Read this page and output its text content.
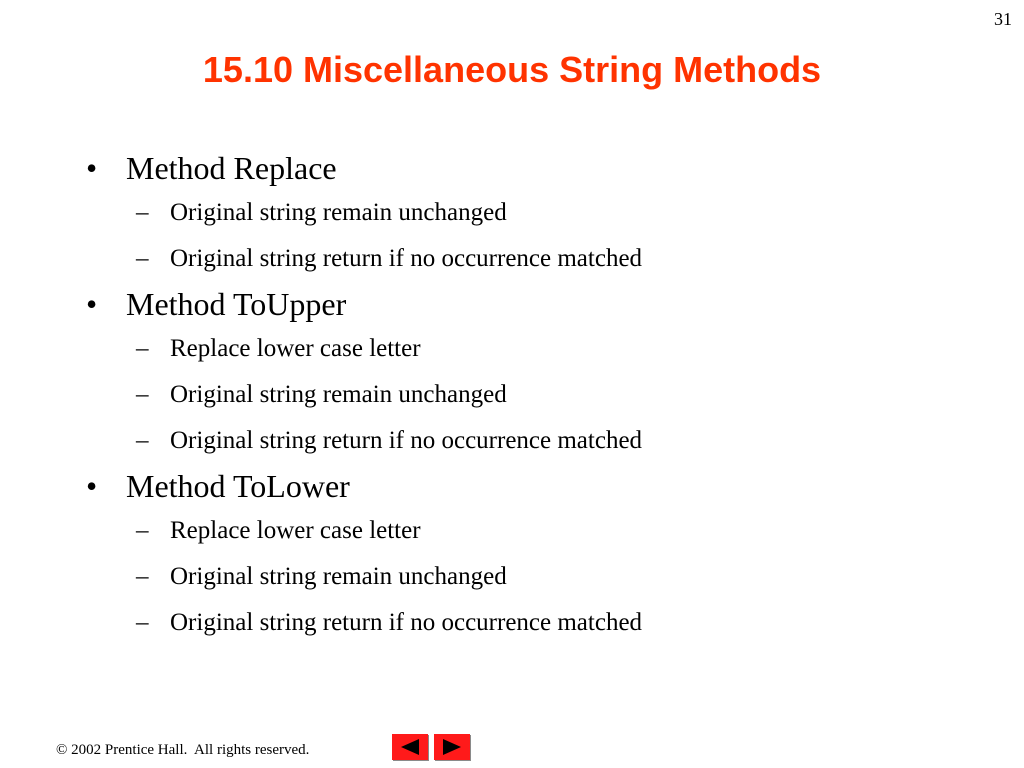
31
15.10 Miscellaneous String Methods
• Method Replace
– Original string remain unchanged
– Original string return if no occurrence matched
• Method ToUpper
– Replace lower case letter
– Original string remain unchanged
– Original string return if no occurrence matched
• Method ToLower
– Replace lower case letter
– Original string remain unchanged
– Original string return if no occurrence matched
© 2002 Prentice Hall.  All rights reserved.
